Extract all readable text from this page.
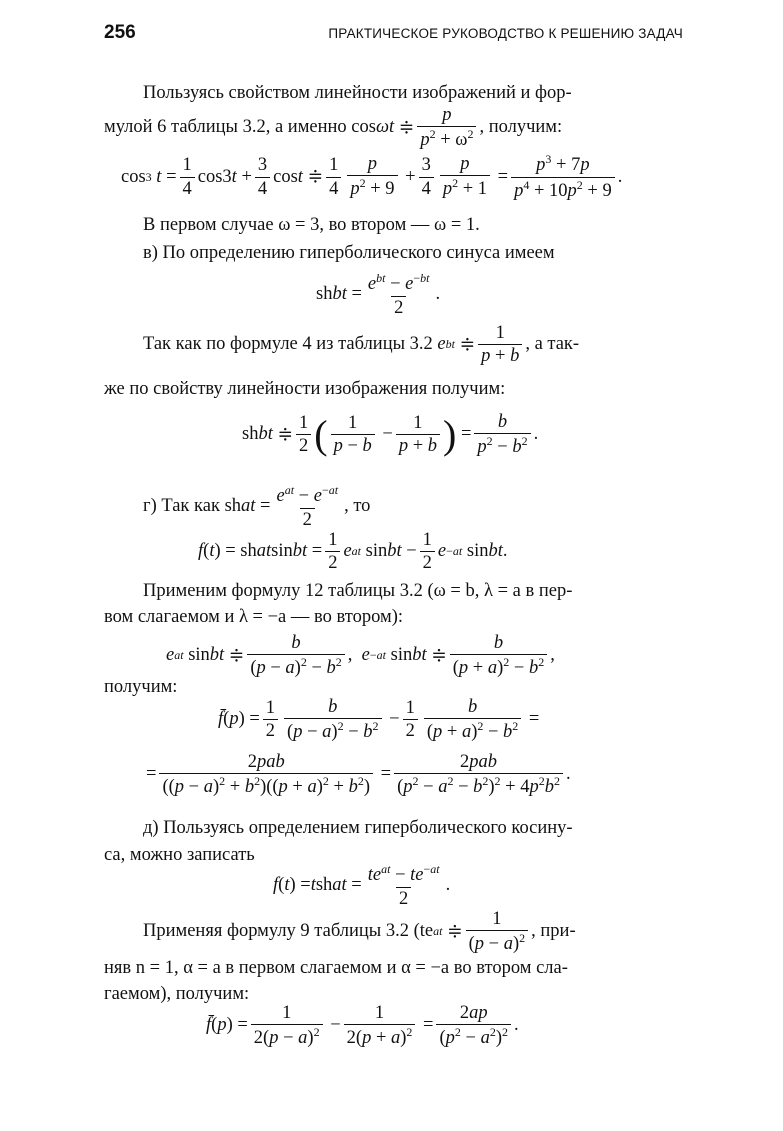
256	ПРАКТИЧЕСКОЕ РУКОВОДСТВО К РЕШЕНИЮ ЗАДАЧ
Пользуясь свойством линейности изображений и фор-
мулой 6 таблицы 3.2, а именно cos ωt ≑
p
$p^2 + \omega^2$ , получим:
cos 3
t =
1
4
cos3 t +
3
4
cos t ≑
1
4
p
$p^2 + 9$
+
3
4
p
$p^2 + 1$
=
$p^3 + 7p$
$p^4 + 10p^2 + 9$
.
В первом случае ω = 3, во втором — ω = 1.
в) По определению гиперболического синуса имеем
sh bt =
$e^{bt} - e^{-bt}$
2
.
Так как по формуле 4 из таблицы 3.2
e bt ≑
1
p + b
, а так-
же по свойству линейности изображения получим:
sh bt ≑
1
2 ( 1
p − b
−
1
p + b ) =
b
$p^2 - b^2$ .
г) Так как sh at =
$e^{at} - e^{-at}$
2
, то
f ( t ) = sh at sin bt =
1
2
e at sin bt −
1
2
e −at sin bt .
Применим формулу 12 таблицы 3.2 (ω = b, λ = a в пер-
вом слагаемом и λ = −a — во втором):
e at sin bt ≑
b
$(p - a)^2 - b^2$ , e −at sin bt ≑
b
$(p + a)^2 - b^2$ ,
получим:
f̄ ( p ) =
1
2
b
$(p - a)^2 - b^2$ −
1
2
b
$(p + a)^2 - b^2$ =
=
2pab
$((p - a)^2 + b^2)((p + a)^2 + b^2)$
=
2pab
$(p^2 - a^2 - b^2)^2 + 4p^2b^2$ .
д) Пользуясь определением гиперболического косину-
са, можно записать
f ( t ) = t sh at =
$te^{at} - te^{-at}$
2
.
Применяя формулу 9 таблицы 3.2 (te at ≑
1
$(p - a)^2$ , при-
няв n = 1, α = a в первом слагаемом и α = −a во втором сла-
гаемом), получим:
f̄ ( p ) =
1
$2(p - a)^2$ −
1
$2(p + a)^2$ =
2ap
$(p^2 - a^2)^2$ .
